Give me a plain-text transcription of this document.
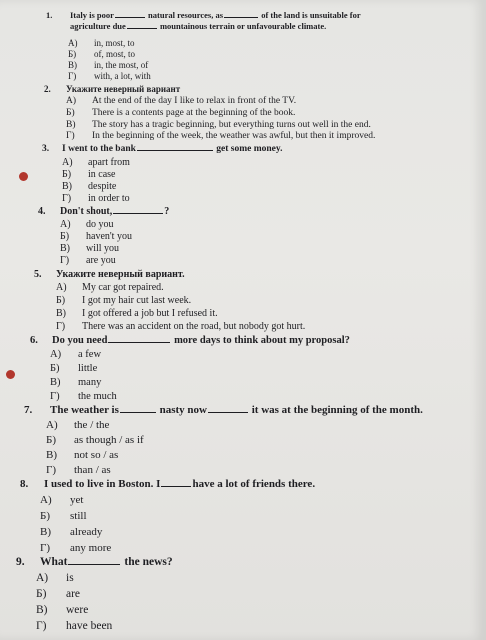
1. Italy is poor	natural resources, as	of the land is unsuitable for
agriculture due	mountainous terrain or unfavourable climate.
А) in, most, to
Б) of, most, to
В) in, the most, of
Г) with, a lot, with
2. Укажите неверный вариант
А) At the end of the day I like to relax in front of the TV.
Б) There is a contents page at the beginning of the book.
В) The story has a tragic beginning, but everything turns out well in the end.
Г) In the beginning of the week, the weather was awful, but then it improved.
3. I went to the bank	get some money.
А) apart from
Б) in case
В) despite
Г) in order to
4. Don't shout,	?
А) do you
Б) haven't you
В) will you
Г) are you
5. Укажите неверный вариант.
А) My car got repaired.
Б) I got my hair cut last week.
В) I got offered a job but I refused it.
Г) There was an accident on the road, but nobody got hurt.
6. Do you need	more days to think about my proposal?
А) a few
Б) little
В) many
Г) the much
7. The weather is	nasty now	it was at the beginning of the month.
А) the / the
Б) as though / as if
В) not so / as
Г) than / as
8. I used to live in Boston. I	have a lot of friends there.
А) yet
Б) still
В) already
Г) any more
9. What	the news?
А) is
Б) are
В) were
Г) have been
